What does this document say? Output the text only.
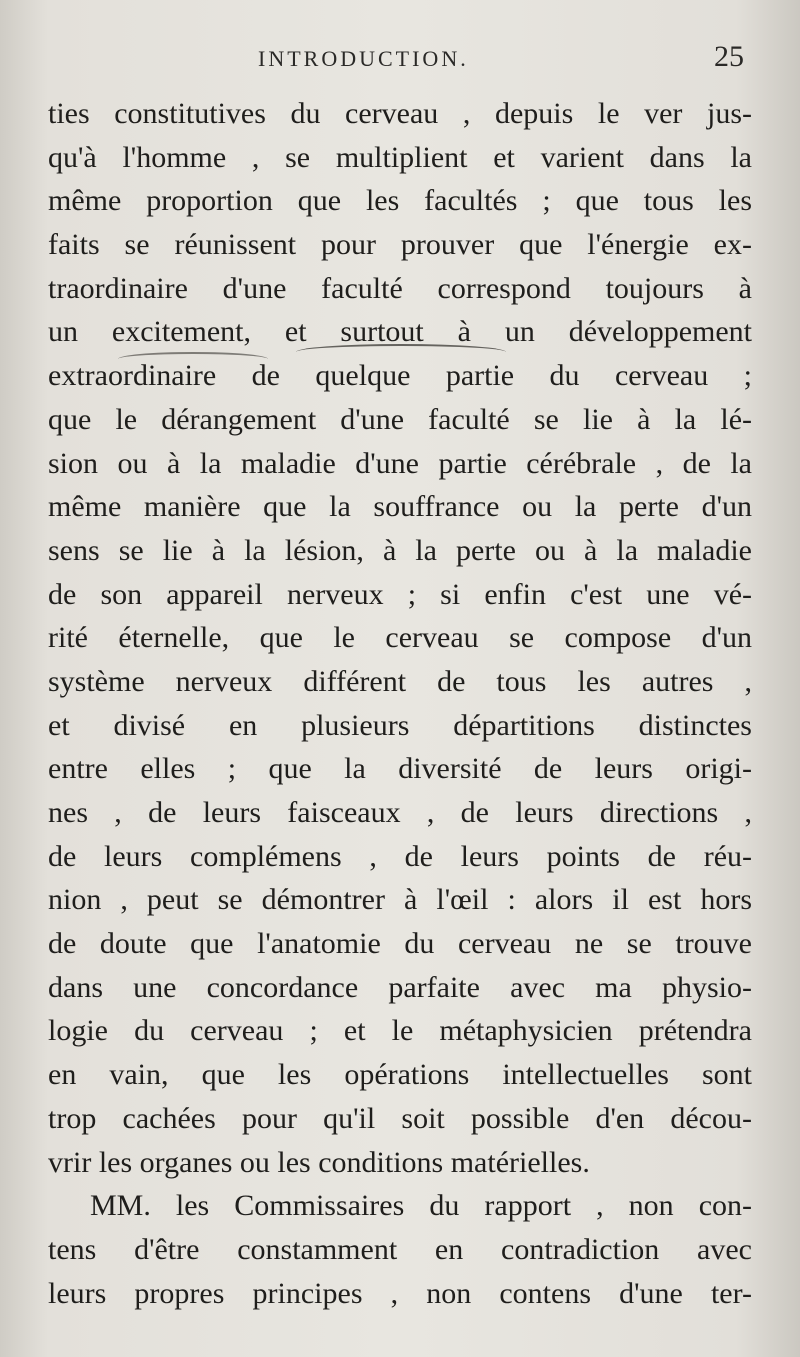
INTRODUCTION.	25
ties constitutives du cerveau , depuis le ver jus-
qu'à l'homme , se multiplient et varient dans la
même proportion que les facultés ; que tous les
faits se réunissent pour prouver que l'énergie ex-
traordinaire d'une faculté correspond toujours à
un excitement, et surtout à un développement
extraordinaire de quelque partie du cerveau ;
que le dérangement d'une faculté se lie à la lé-
sion ou à la maladie d'une partie cérébrale , de la
même manière que la souffrance ou la perte d'un
sens se lie à la lésion, à la perte ou à la maladie
de son appareil nerveux ; si enfin c'est une vé-
rité éternelle, que le cerveau se compose d'un
système nerveux différent de tous les autres ,
et divisé en plusieurs départitions distinctes
entre elles ; que la diversité de leurs origi-
nes , de leurs faisceaux , de leurs directions ,
de leurs complémens , de leurs points de réu-
nion , peut se démontrer à l'œil : alors il est hors
de doute que l'anatomie du cerveau ne se trouve
dans une concordance parfaite avec ma physio-
logie du cerveau ; et le métaphysicien prétendra
en vain, que les opérations intellectuelles sont
trop cachées pour qu'il soit possible d'en décou-
vrir les organes ou les conditions matérielles.
MM. les Commissaires du rapport , non con-
tens d'être constamment en contradiction avec
leurs propres principes , non contens d'une ter-
